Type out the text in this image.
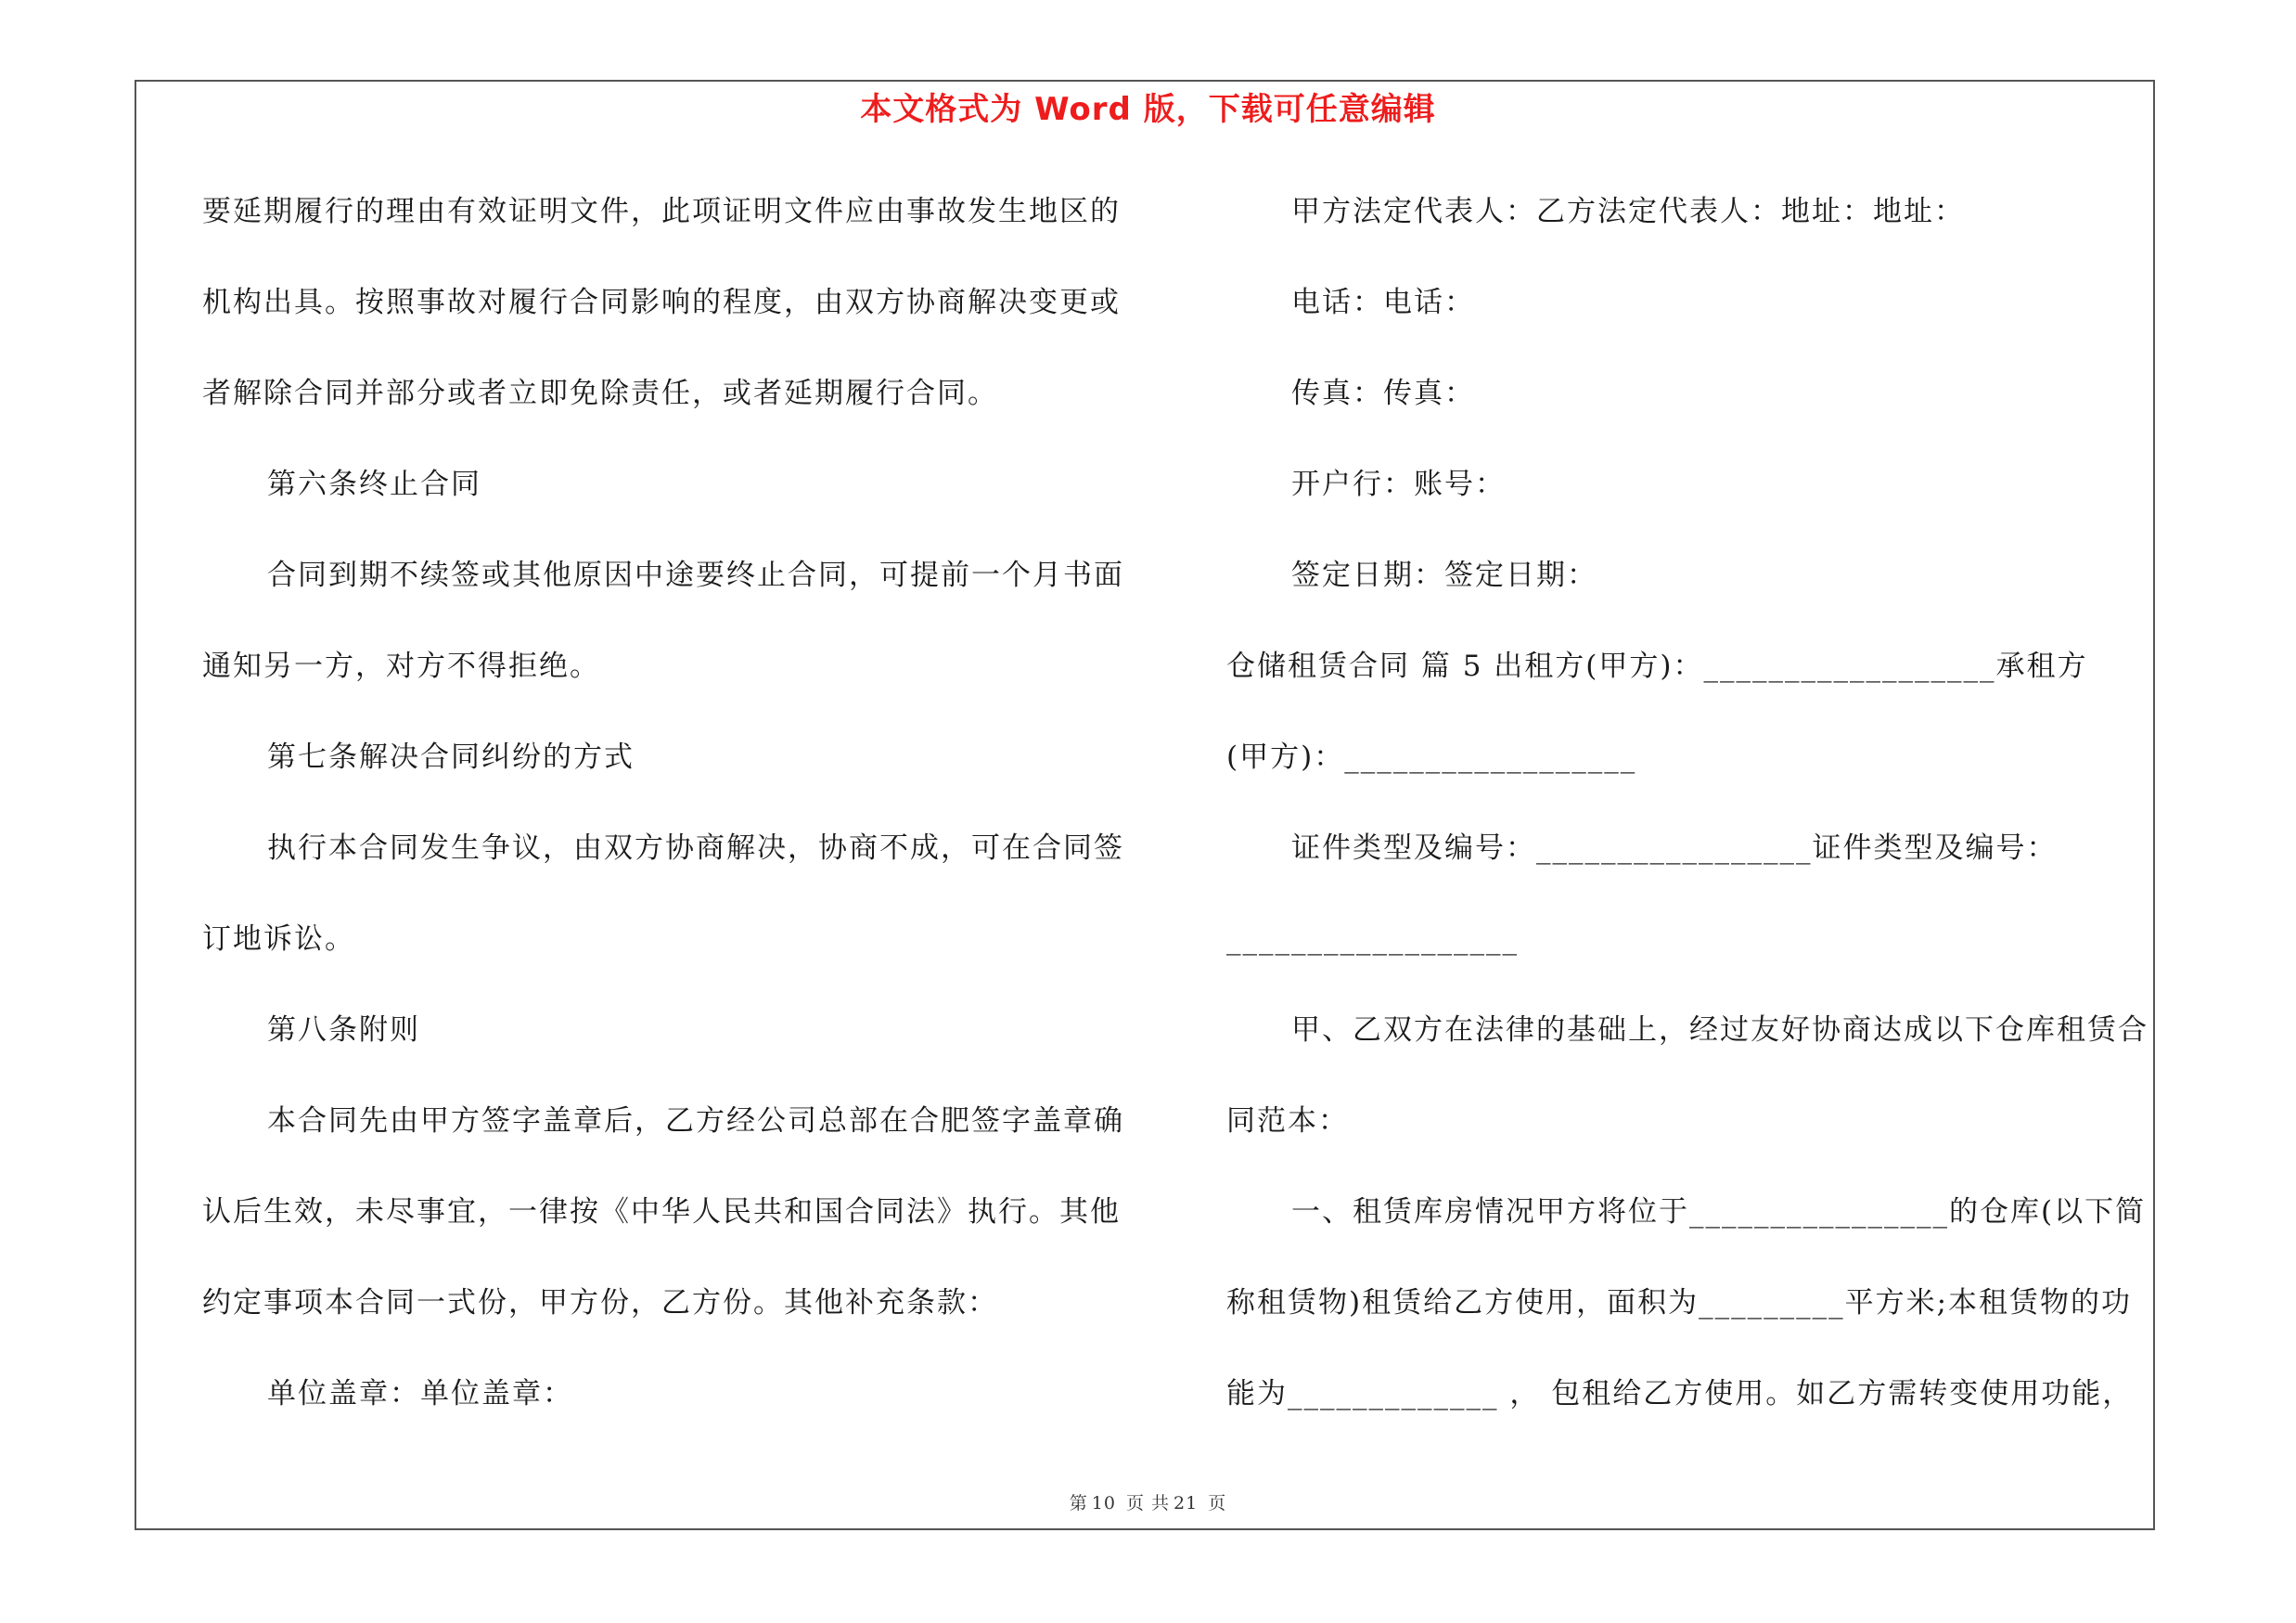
本文格式为 Word 版，下载可任意编辑
要延期履行的理由有效证明文件，此项证明文件应由事故发生地区的
机构出具。按照事故对履行合同影响的程度，由双方协商解决变更或
者解除合同并部分或者立即免除责任，或者延期履行合同。
第六条终止合同
合同到期不续签或其他原因中途要终止合同，可提前一个月书面
通知另一方，对方不得拒绝。
第七条解决合同纠纷的方式
执行本合同发生争议，由双方协商解决，协商不成，可在合同签
订地诉讼。
第八条附则
本合同先由甲方签字盖章后，乙方经公司总部在合肥签字盖章确
认后生效，未尽事宜，一律按《中华人民共和国合同法》执行。其他
约定事项本合同一式份，甲方份，乙方份。其他补充条款：
单位盖章：单位盖章：
甲方法定代表人：乙方法定代表人：地址：地址：
电话：电话：
传真：传真：
开户行：账号：
签定日期：签定日期：
仓储租赁合同 篇 5 出租方(甲方)：__________________承租方
(甲方)：__________________
证件类型及编号：_________________证件类型及编号：
__________________
甲、乙双方在法律的基础上，经过友好协商达成以下仓库租赁合
同范本：
一、租赁库房情况甲方将位于________________的仓库(以下简
称租赁物)租赁给乙方使用，面积为_________平方米;本租赁物的功
能为_____________ ， 包租给乙方使用。如乙方需转变使用功能，
第 10 页 共 21 页
